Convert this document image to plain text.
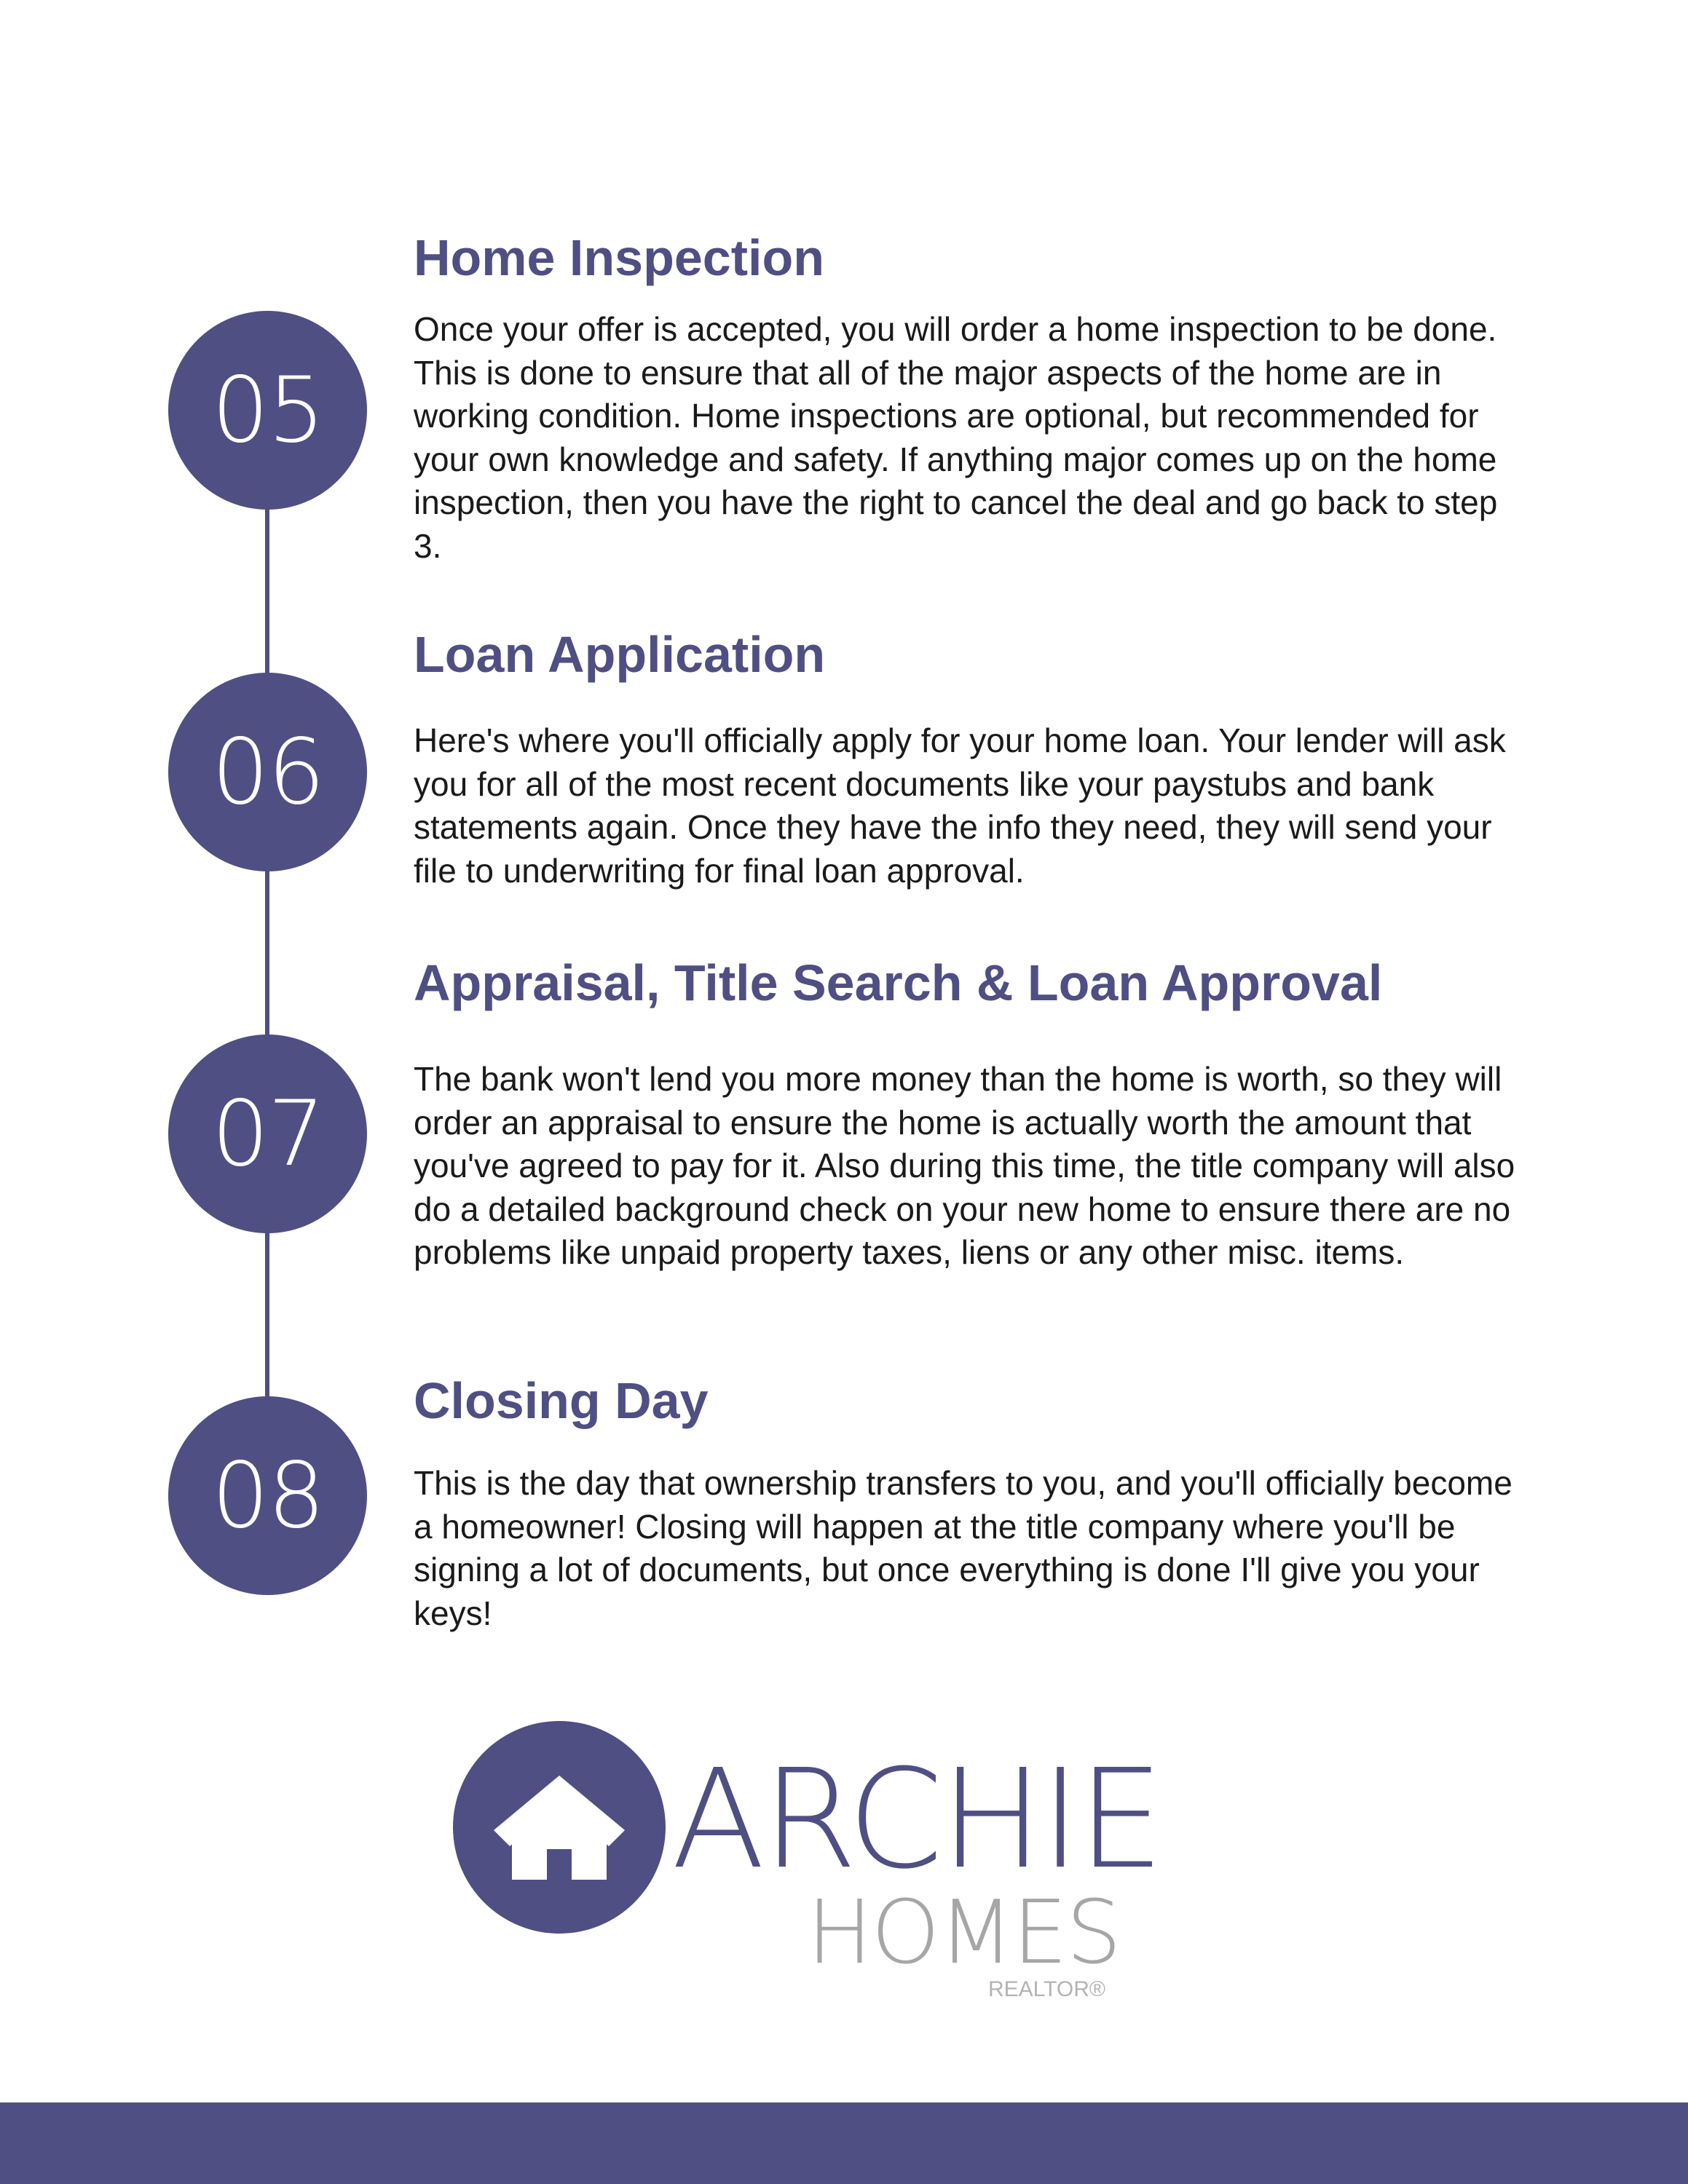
05
Home Inspection

Once your offer is accepted, you will order a home inspection to be done. This is done to ensure that all of the major aspects of the home are in working condition. Home inspections are optional, but recommended for your own knowledge and safety. If anything major comes up on the home inspection, then you have the right to cancel the deal and go back to step 3.

06
Loan Application

Here's where you'll officially apply for your home loan. Your lender will ask you for all of the most recent documents like your paystubs and bank statements again. Once they have the info they need, they will send your file to underwriting for final loan approval.

07
Appraisal, Title Search & Loan Approval

The bank won't lend you more money than the home is worth, so they will order an appraisal to ensure the home is actually worth the amount that you've agreed to pay for it. Also during this time, the title company will also do a detailed background check on your new home to ensure there are no problems like unpaid property taxes, liens or any other misc. items.

08
Closing Day

This is the day that ownership transfers to you, and you'll officially become a homeowner! Closing will happen at the title company where you'll be signing a lot of documents, but once everything is done I'll give you your keys!

ARCHIE
HOMES
REALTOR®
